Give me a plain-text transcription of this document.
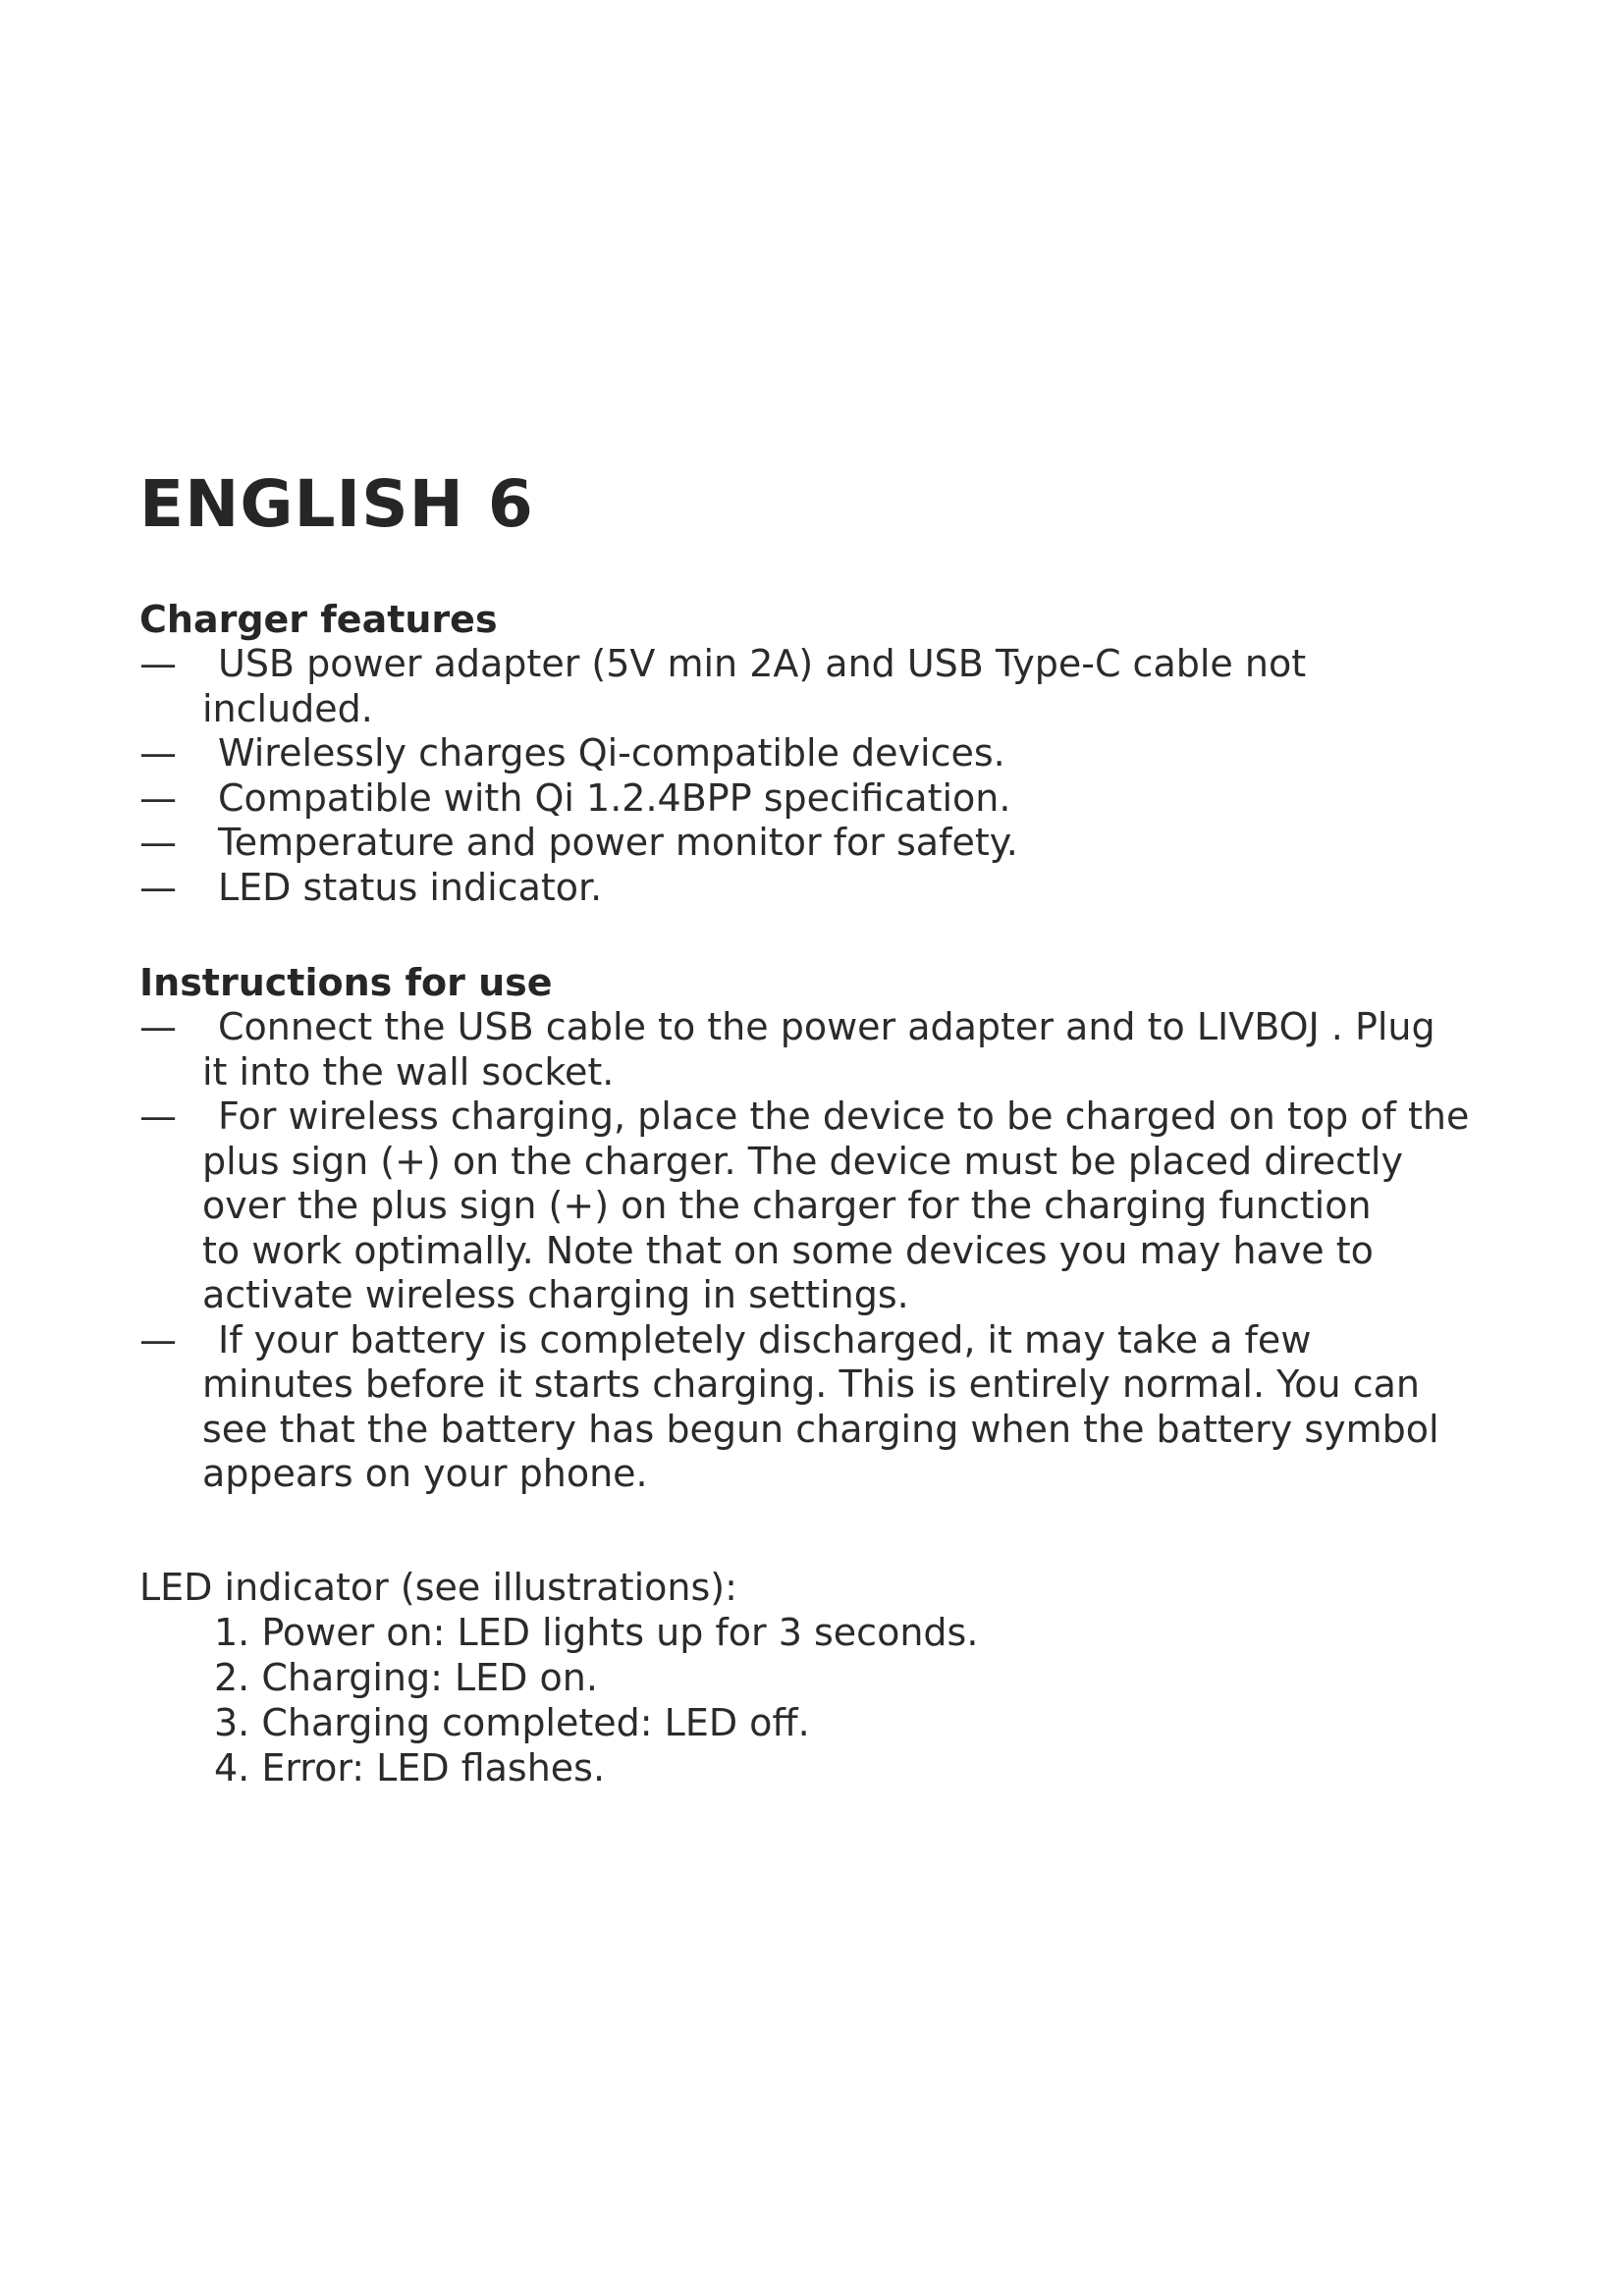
ENGLISH 6
Charger features
— USB power adapter (5V min 2A) and USB Type-C cable not
included.
— Wirelessly charges Qi-compatible devices.
— Compatible with Qi 1.2.4BPP specification.
— Temperature and power monitor for safety.
— LED status indicator.
Instructions for use
— Connect the USB cable to the power adapter and to LIVBOJ . Plug
it into the wall socket.
— For wireless charging, place the device to be charged on top of the
plus sign (+) on the charger. The device must be placed directly
over the plus sign (+) on the charger for the charging function
to work optimally. Note that on some devices you may have to
activate wireless charging in settings.
— If your battery is completely discharged, it may take a few
minutes before it starts charging. This is entirely normal. You can
see that the battery has begun charging when the battery symbol
appears on your phone.

LED indicator (see illustrations):

1. Power on: LED lights up for 3 seconds.
2. Charging: LED on.
3. Charging completed: LED off.
4. Error: LED flashes.
